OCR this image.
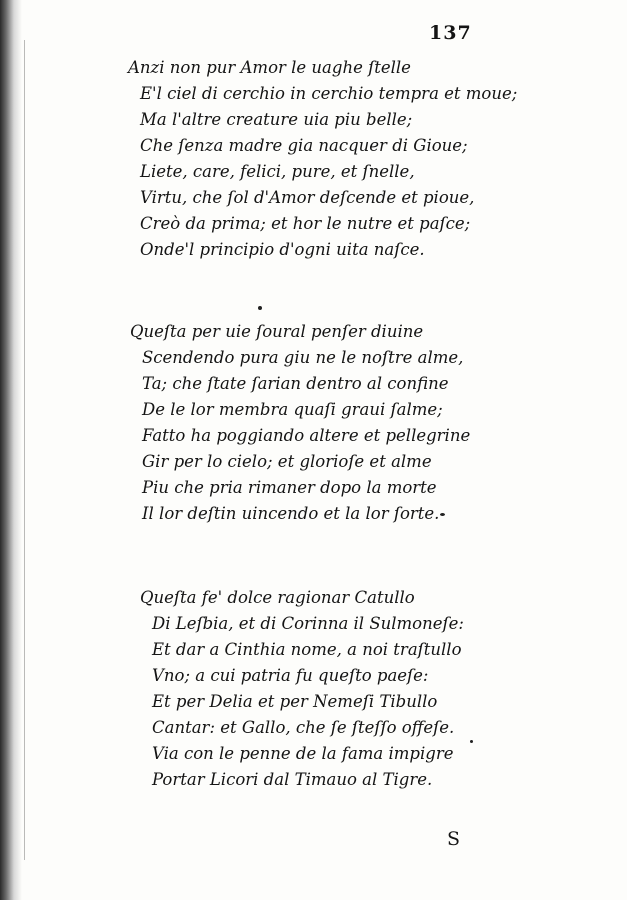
137
Anzi non pur Amor le uaghe ſtelle
E'l ciel di cerchio in cerchio tempra et moue;
Ma l'altre creature uia piu belle;
Che ſenza madre gia nacquer di Gioue;
Liete, care, felici, pure, et ſnelle,
Virtu, che ſol d'Amor deſcende et pioue,
Creò da prima; et hor le nutre et paſce;
Onde'l principio d'ogni uita naſce.
Queſta per uie ſoural penſer diuine
Scendendo pura giu ne le noſtre alme,
Ta; che ſtate ſarian dentro al confine
De le lor membra quaſi graui ſalme;
Fatto ha poggiando altere et pellegrine
Gir per lo cielo; et glorioſe et alme
Piu che pria rimaner dopo la morte
Il lor deſtin uincendo et la lor ſorte.
Queſta fe' dolce ragionar Catullo
Di Leſbia, et di Corinna il Sulmoneſe:
Et dar a Cinthia nome, a noi traſtullo
Vno; a cui patria fu queſto paeſe:
Et per Delia et per Nemeſi Tibullo
Cantar: et Gallo, che ſe ſteſſo offeſe.
Via con le penne de la fama impigre
Portar Licori dal Timauo al Tigre.
S
